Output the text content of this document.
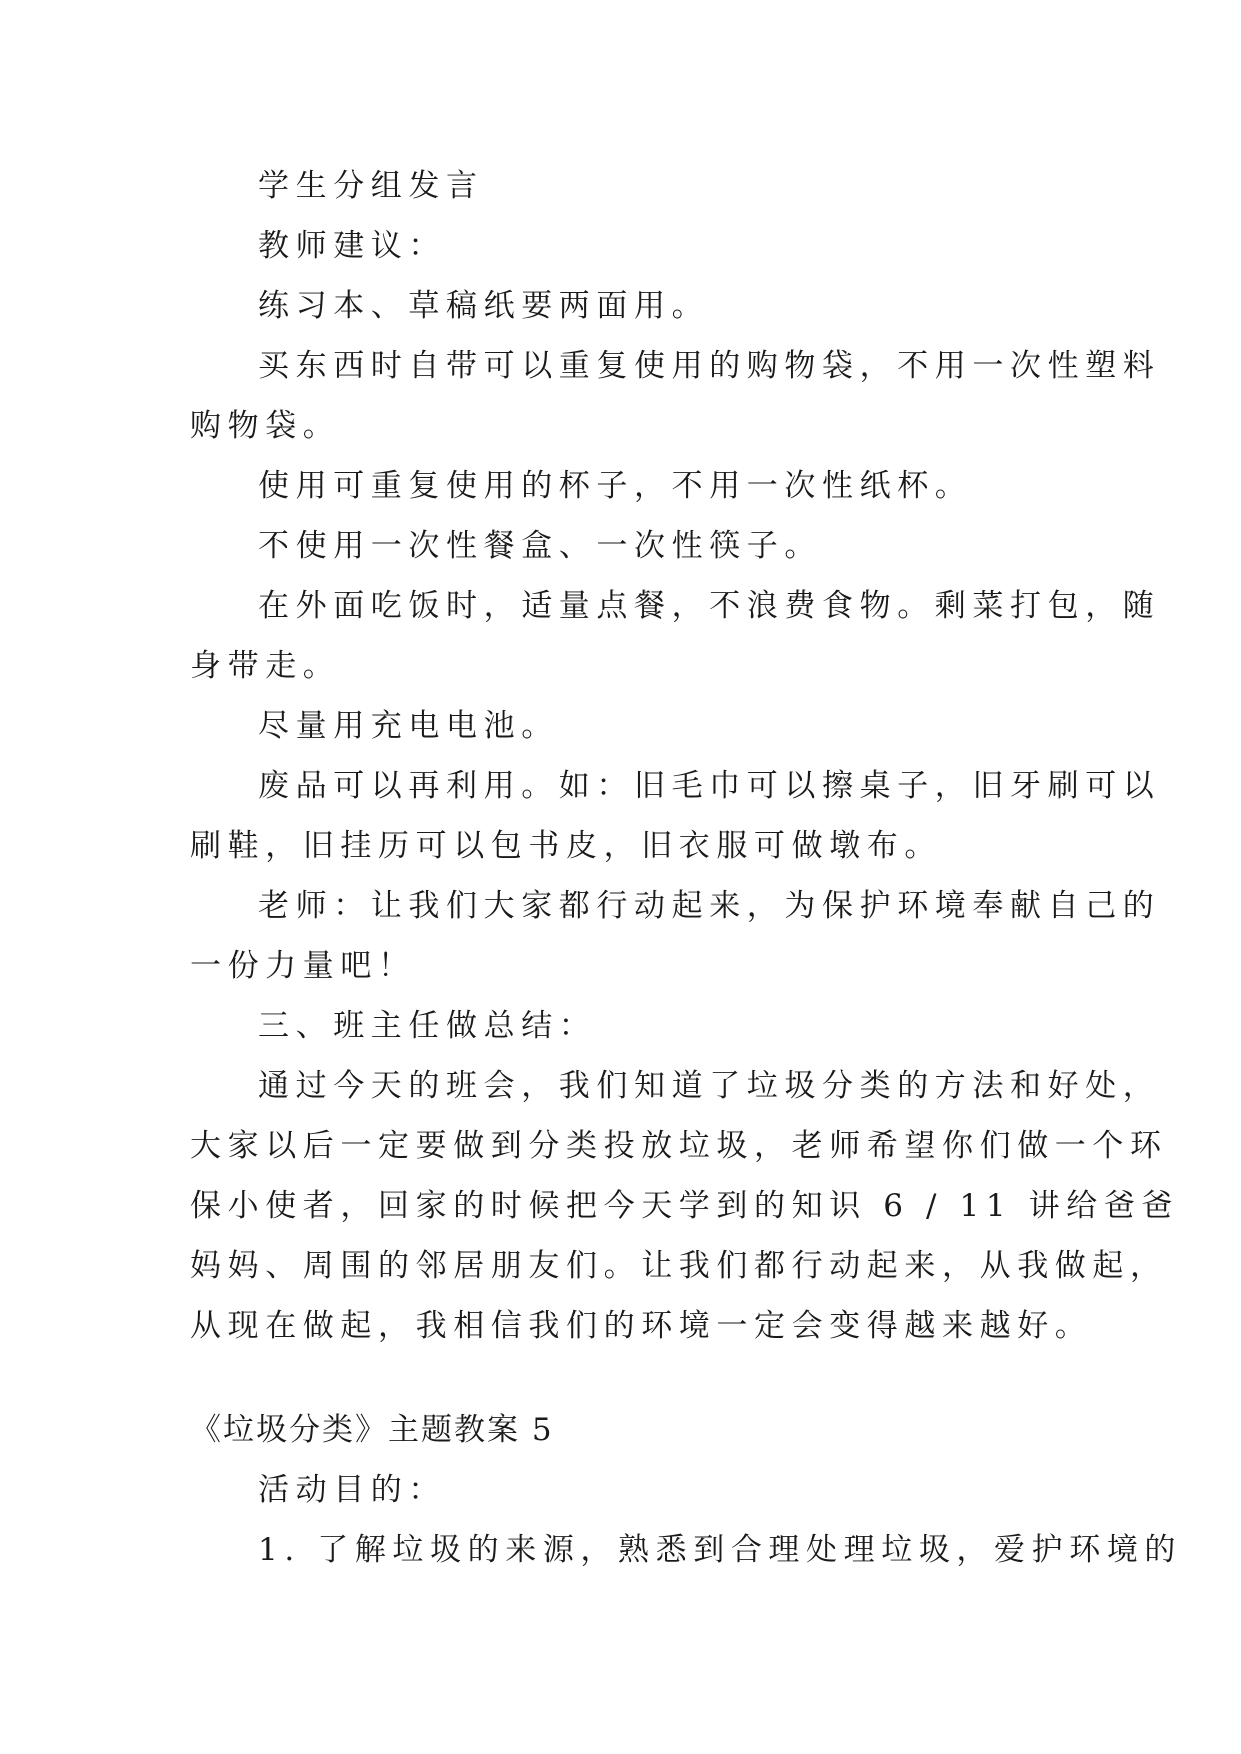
学生分组发言
教师建议：
练习本、草稿纸要两面用。
买东西时自带可以重复使用的购物袋，不用一次性塑料
购物袋。
使用可重复使用的杯子，不用一次性纸杯。
不使用一次性餐盒、一次性筷子。
在外面吃饭时，适量点餐，不浪费食物。剩菜打包，随
身带走。
尽量用充电电池。
废品可以再利用。如：旧毛巾可以擦桌子，旧牙刷可以
刷鞋，旧挂历可以包书皮，旧衣服可做墩布。
老师：让我们大家都行动起来，为保护环境奉献自己的
一份力量吧！
三、班主任做总结：
通过今天的班会，我们知道了垃圾分类的方法和好处，
大家以后一定要做到分类投放垃圾，老师希望你们做一个环
保小使者，回家的时候把今天学到的知识 6 / 11 讲给爸爸
妈妈、周围的邻居朋友们。让我们都行动起来，从我做起，
从现在做起，我相信我们的环境一定会变得越来越好。
《垃圾分类》主题教案 5
活动目的：
1. 了解垃圾的来源，熟悉到合理处理垃圾，爱护环境的
